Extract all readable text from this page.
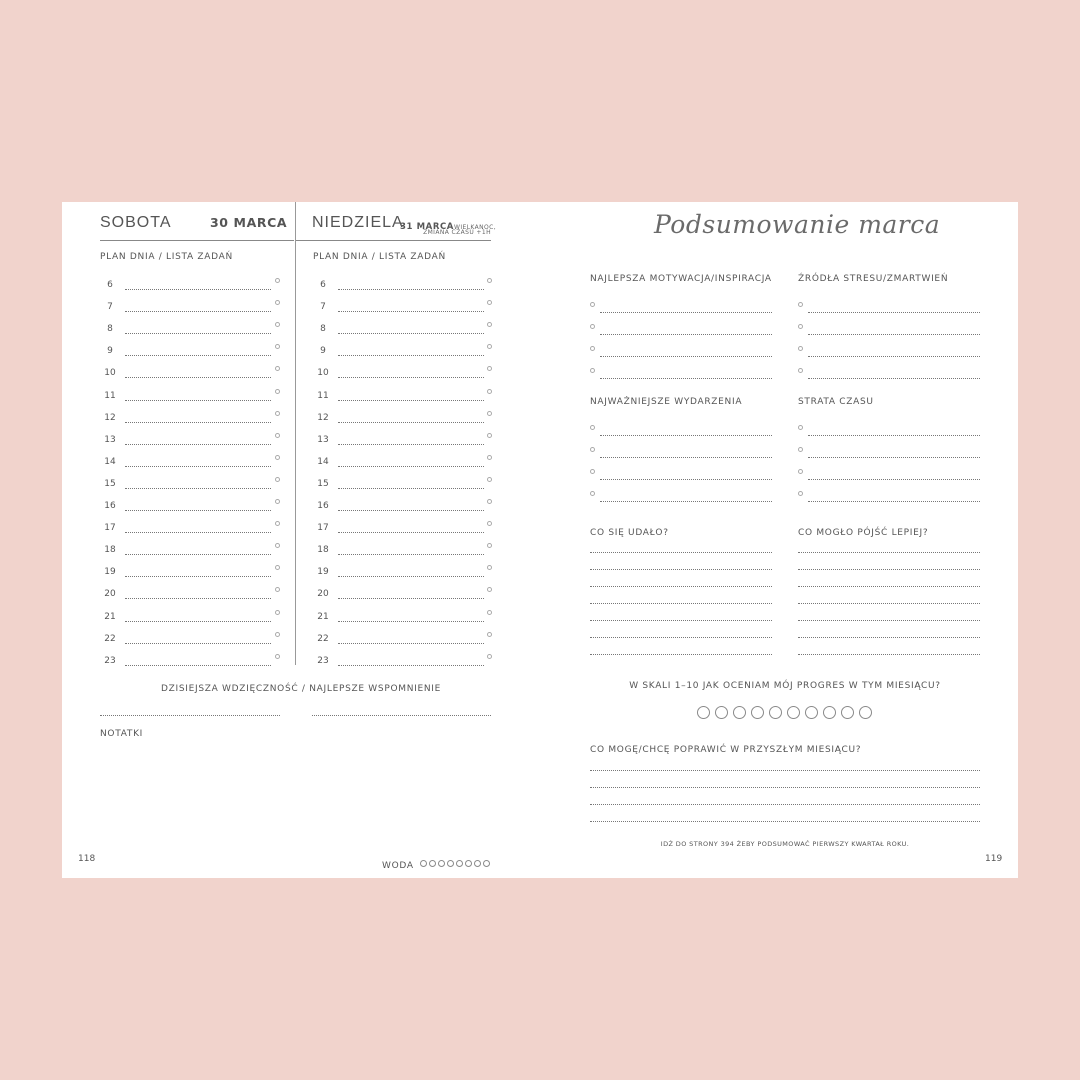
SOBOTA	30 MARCA NIEDZIELA
31 MARCAWIELKANOC,
ZMIANA CZASU +1H
PLAN DNIA / LISTA ZADAŃ	PLAN DNIA / LISTA ZADAŃ
DZISIEJSZA WDZIĘCZNOŚĆ / NAJLEPSZE WSPOMNIENIE
NOTATKI
118
WODA
Podsumowanie marca
NAJLEPSZA MOTYWACJA/INSPIRACJA	ŹRÓDŁA STRESU/ZMARTWIEŃ
NAJWAŻNIEJSZE WYDARZENIA	STRATA CZASU
CO SIĘ UDAŁO?	CO MOGŁO PÓJŚĆ LEPIEJ?
W SKALI 1–10 JAK OCENIAM MÓJ PROGRES W TYM MIESIĄCU?
CO MOGĘ/CHCĘ POPRAWIĆ W PRZYSZŁYM MIESIĄCU?
IDŹ DO STRONY 394 ŻEBY PODSUMOWAĆ PIERWSZY KWARTAŁ ROKU.
119
6
7
8
9
10
11
12
13
14
15
16
17
18
19
20
21
22
23
6
7
8
9
10
11
12
13
14
15
16
17
18
19
20
21
22
23
